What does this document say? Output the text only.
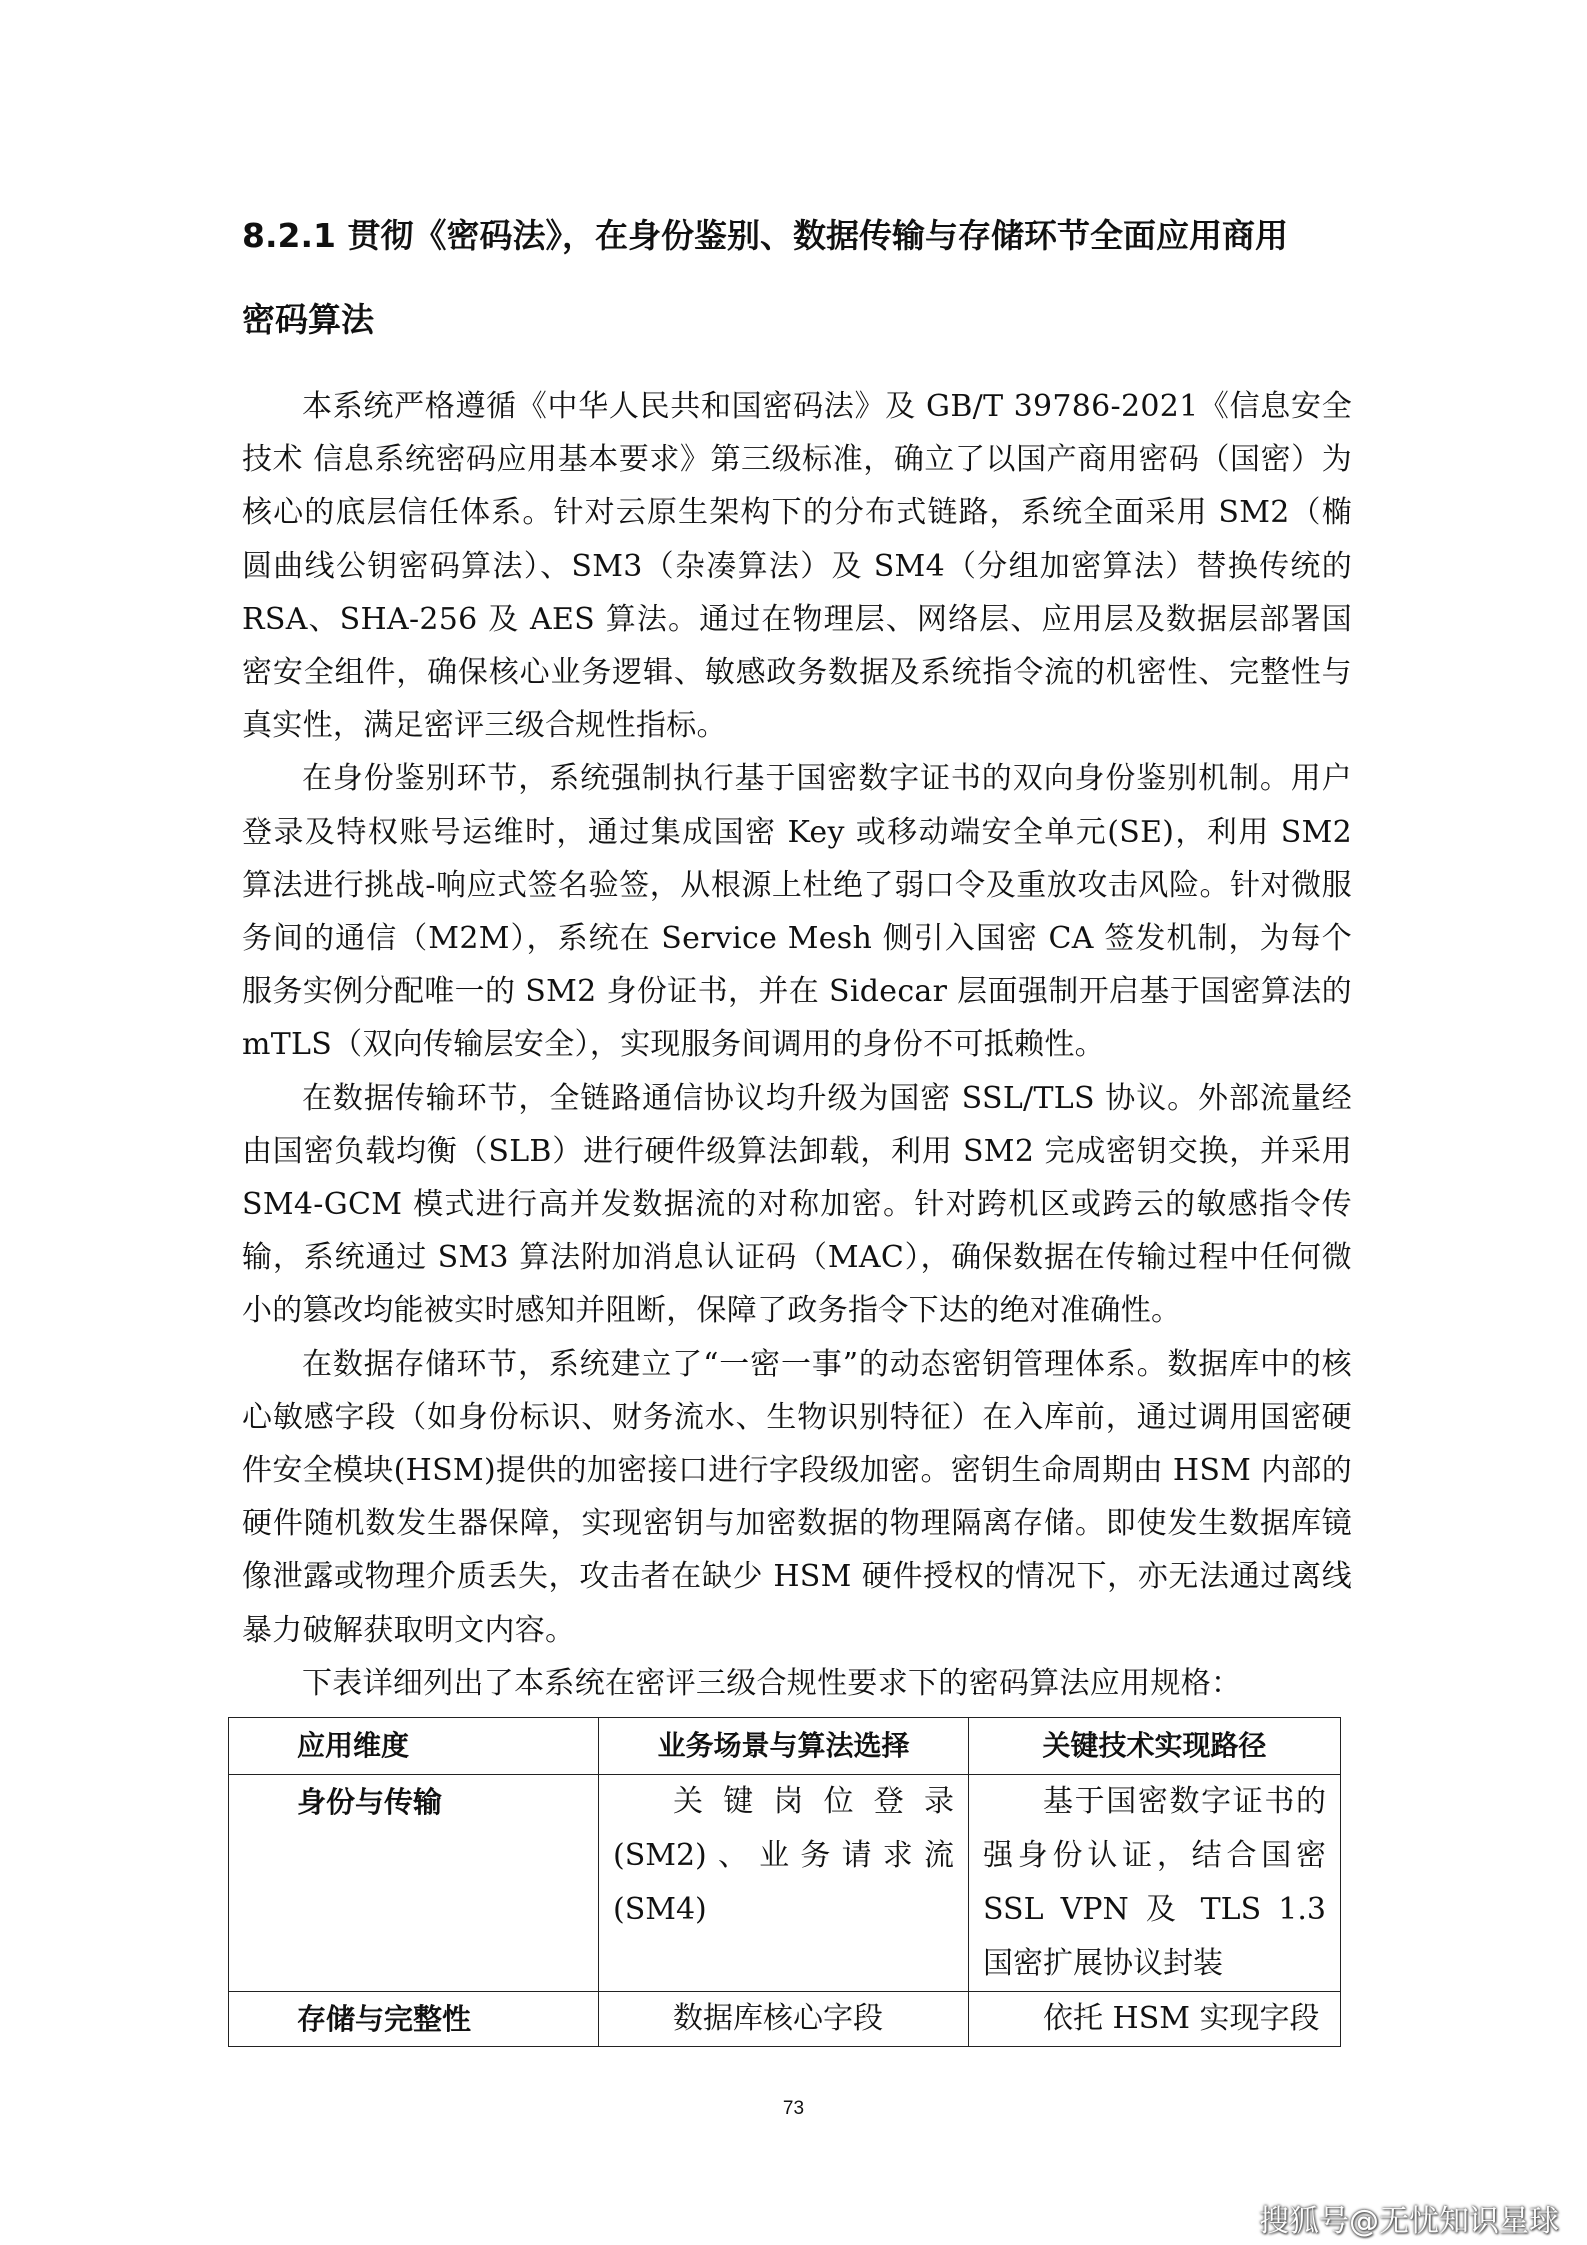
8.2.1 贯彻《密码法》，在身份鉴别、数据传输与存储环节全面应用商用
密码算法

本系统严格遵循《中华人民共和国密码法》及 GB/T 39786-2021《信息安全技术 信息系统密码应用基本要求》第三级标准，确立了以国产商用密码（国密）为核心的底层信任体系。针对云原生架构下的分布式链路，系统全面采用 SM2（椭圆曲线公钥密码算法）、SM3（杂凑算法）及 SM4（分组加密算法）替换传统的 RSA、SHA-256 及 AES 算法。通过在物理层、网络层、应用层及数据层部署国密安全组件，确保核心业务逻辑、敏感政务数据及系统指令流的机密性、完整性与真实性，满足密评三级合规性指标。

在身份鉴别环节，系统强制执行基于国密数字证书的双向身份鉴别机制。用户登录及特权账号运维时，通过集成国密 Key 或移动端安全单元(SE)，利用 SM2 算法进行挑战-响应式签名验签，从根源上杜绝了弱口令及重放攻击风险。针对微服务间的通信（M2M），系统在 Service Mesh 侧引入国密 CA 签发机制，为每个服务实例分配唯一的 SM2 身份证书，并在 Sidecar 层面强制开启基于国密算法的 mTLS（双向传输层安全），实现服务间调用的身份不可抵赖性。

在数据传输环节，全链路通信协议均升级为国密 SSL/TLS 协议。外部流量经由国密负载均衡（SLB）进行硬件级算法卸载，利用 SM2 完成密钥交换，并采用 SM4-GCM 模式进行高并发数据流的对称加密。针对跨机区或跨云的敏感指令传输，系统通过 SM3 算法附加消息认证码（MAC），确保数据在传输过程中任何微小的篡改均能被实时感知并阻断，保障了政务指令下达的绝对准确性。

在数据存储环节，系统建立了“一密一事”的动态密钥管理体系。数据库中的核心敏感字段（如身份标识、财务流水、生物识别特征）在入库前，通过调用国密硬件安全模块(HSM)提供的加密接口进行字段级加密。密钥生命周期由 HSM 内部的硬件随机数发生器保障，实现密钥与加密数据的物理隔离存储。即使发生数据库镜像泄露或物理介质丢失，攻击者在缺少 HSM 硬件授权的情况下，亦无法通过离线暴力破解获取明文内容。

下表详细列出了本系统在密评三级合规性要求下的密码算法应用规格：

应用维度	业务场景与算法选择	关键技术实现路径
身份与传输	关键岗位登录(SM2)、业务请求流(SM4)	基于国密数字证书的强身份认证，结合国密 SSL VPN 及 TLS 1.3 国密扩展协议封装
存储与完整性	数据库核心字段	依托 HSM 实现字段
73
搜狐号@无忧知识星球
